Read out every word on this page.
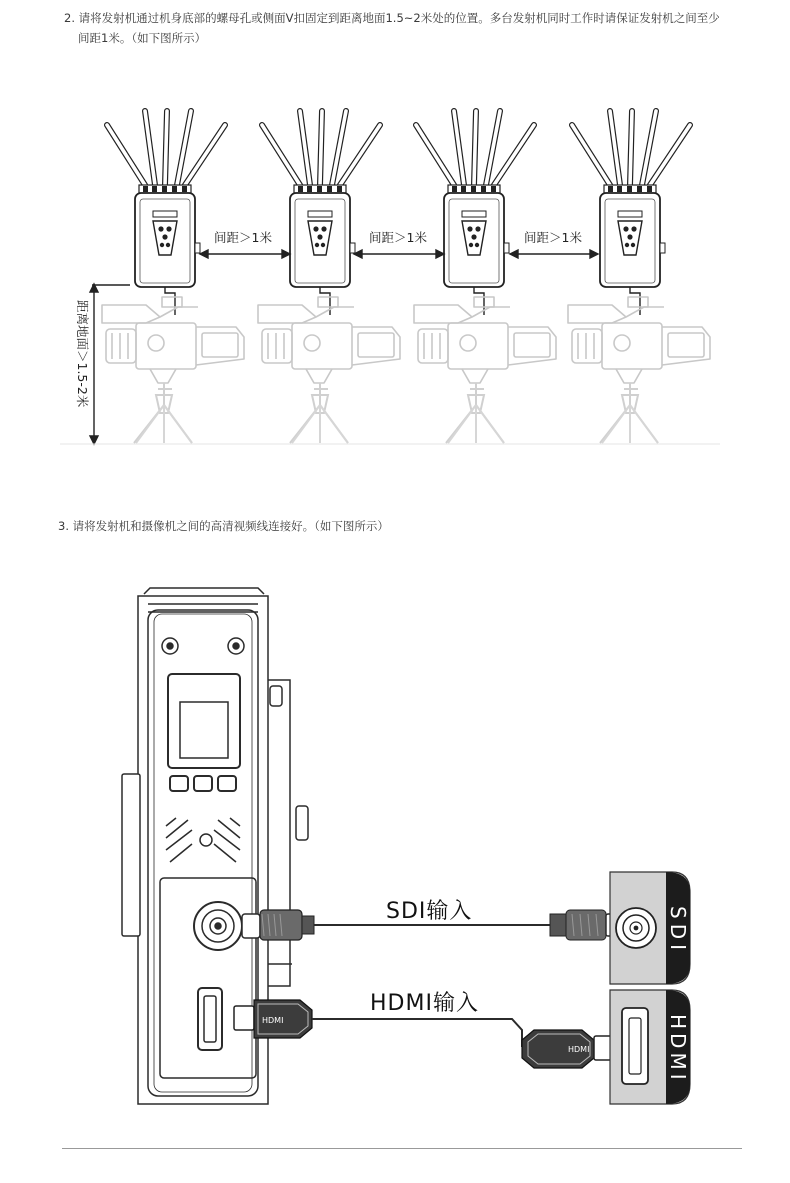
2. 请将发射机通过机身底部的螺母孔或侧面V扣固定到距离地面1.5~2米处的位置。多台发射机同时工作时请保证发射机之间至少
间距1米。（如下图所示）
间距＞1米	间距＞1米	间距＞1米
距离地面＞1.5-2米
3. 请将发射机和摄像机之间的高清视频线连接好。（如下图所示）
SDI输入
HDMI
HDMI
HDMI输入
SDI
HDMI
